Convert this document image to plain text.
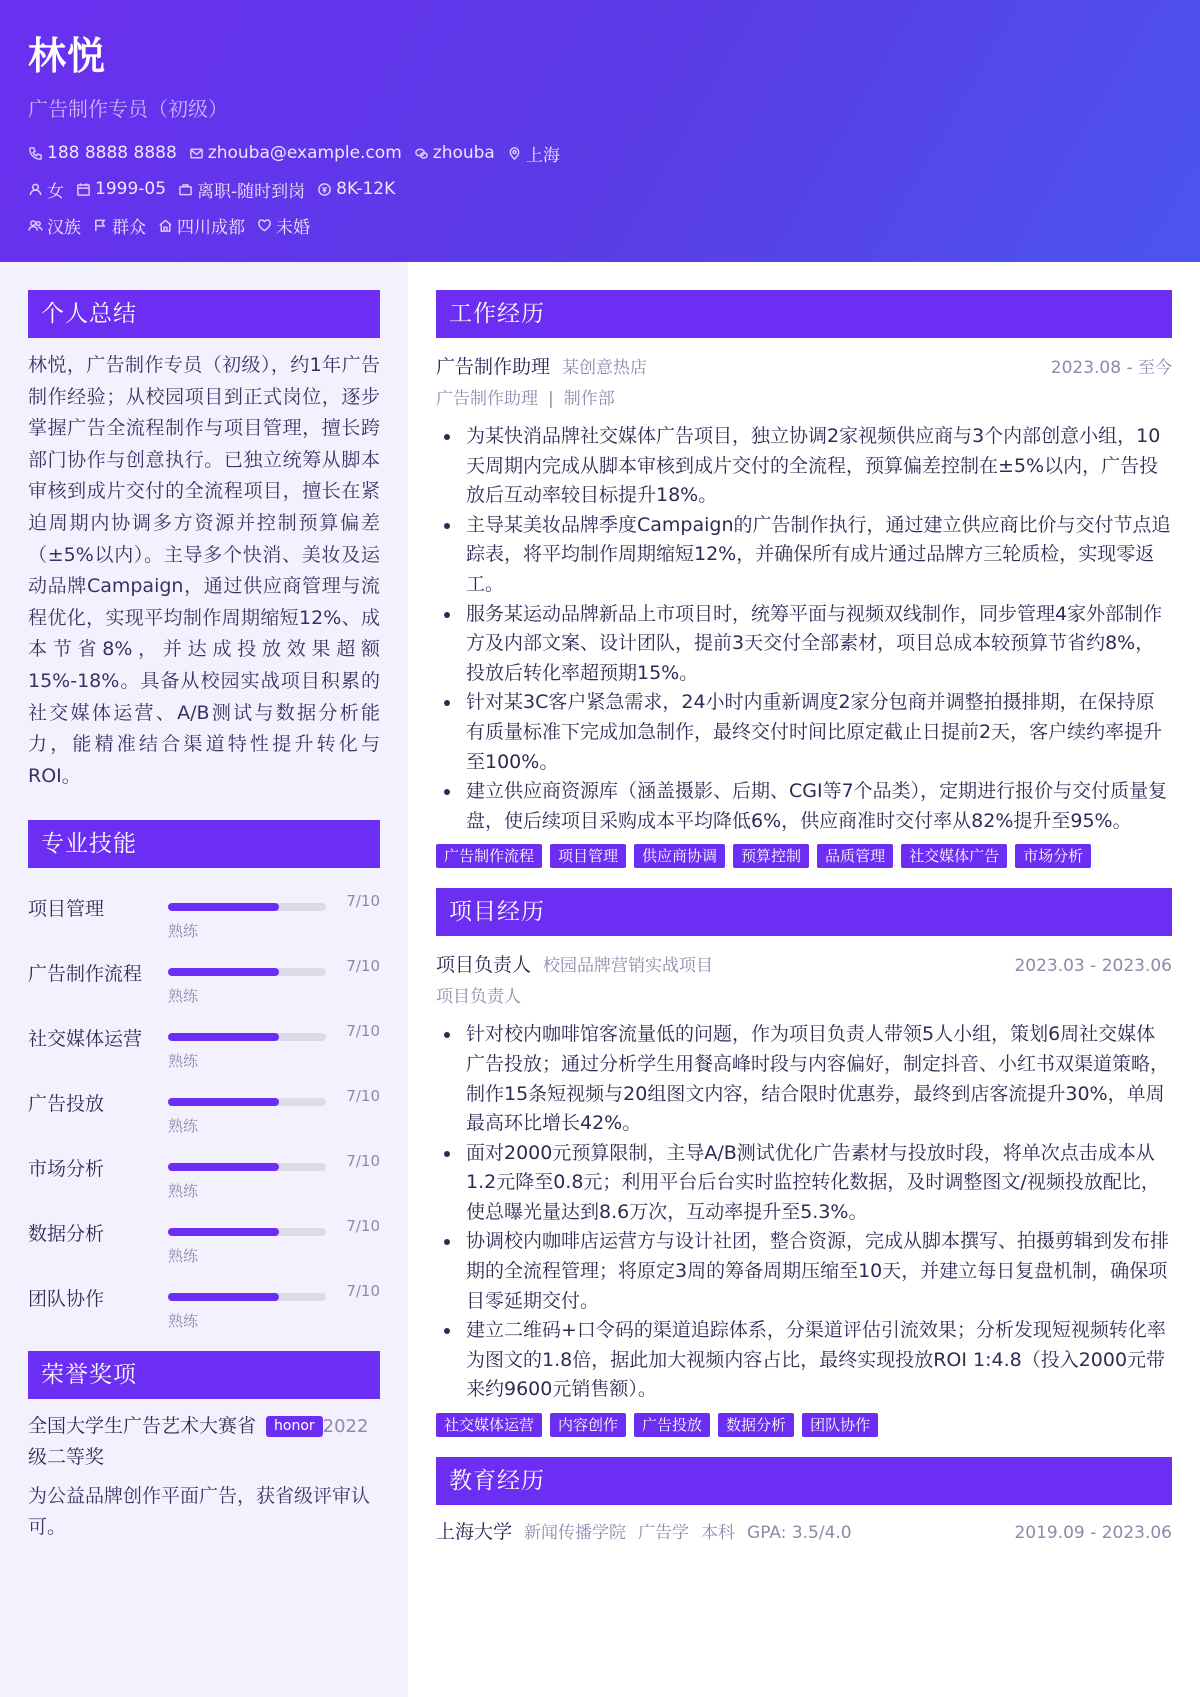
林悦
广告制作专员（初级）
188 8888 8888 zhouba@example.com zhouba 上海
女 1999-05 离职-随时到岗 8K-12K
汉族 群众 四川成都 未婚
个人总结
林悦，广告制作专员（初级），约1年广告制作经验；从校园项目到正式岗位，逐步掌握广告全流程制作与项目管理，擅长跨部门协作与创意执行。已独立统筹从脚本审核到成片交付的全流程项目，擅长在紧迫周期内协调多方资源并控制预算偏差（±5%以内）。主导多个快消、美妆及运动品牌Campaign，通过供应商管理与流程优化，实现平均制作周期缩短12%、成本节省8%，并达成投放效果超额15%-18%。具备从校园实战项目积累的社交媒体运营、A/B测试与数据分析能力，能精准结合渠道特性提升转化与ROI。
专业技能
项目管理	7/10
熟练
广告制作流程	7/10
熟练
社交媒体运营	7/10
熟练
广告投放	7/10
熟练
市场分析	7/10
熟练
数据分析	7/10
熟练
团队协作	7/10
熟练
荣誉奖项
全国大学生广告艺术大赛省 honor 2022
级二等奖
为公益品牌创作平面广告，获省级评审认可。
工作经历
广告制作助理 某创意热店	2023.08 - 至今
广告制作助理 | 制作部
为某快消品牌社交媒体广告项目，独立协调2家视频供应商与3个内部创意小组，10天周期内完成从脚本审核到成片交付的全流程，预算偏差控制在±5%以内，广告投放后互动率较目标提升18%。
主导某美妆品牌季度Campaign的广告制作执行，通过建立供应商比价与交付节点追踪表，将平均制作周期缩短12%，并确保所有成片通过品牌方三轮质检，实现零返工。
服务某运动品牌新品上市项目时，统筹平面与视频双线制作，同步管理4家外部制作方及内部文案、设计团队，提前3天交付全部素材，项目总成本较预算节省约8%，投放后转化率超预期15%。
针对某3C客户紧急需求，24小时内重新调度2家分包商并调整拍摄排期，在保持原有质量标准下完成加急制作，最终交付时间比原定截止日提前2天，客户续约率提升至100%。
建立供应商资源库（涵盖摄影、后期、CGI等7个品类），定期进行报价与交付质量复盘，使后续项目采购成本平均降低6%，供应商准时交付率从82%提升至95%。
广告制作流程	项目管理	供应商协调	预算控制	品质管理	社交媒体广告	市场分析
项目经历
项目负责人 校园品牌营销实战项目	2023.03 - 2023.06
项目负责人
针对校内咖啡馆客流量低的问题，作为项目负责人带领5人小组，策划6周社交媒体广告投放；通过分析学生用餐高峰时段与内容偏好，制定抖音、小红书双渠道策略，制作15条短视频与20组图文内容，结合限时优惠券，最终到店客流提升30%，单周最高环比增长42%。
面对2000元预算限制，主导A/B测试优化广告素材与投放时段，将单次点击成本从1.2元降至0.8元；利用平台后台实时监控转化数据，及时调整图文/视频投放配比，使总曝光量达到8.6万次，互动率提升至5.3%。
协调校内咖啡店运营方与设计社团，整合资源，完成从脚本撰写、拍摄剪辑到发布排期的全流程管理；将原定3周的筹备周期压缩至10天，并建立每日复盘机制，确保项目零延期交付。
建立二维码+口令码的渠道追踪体系，分渠道评估引流效果；分析发现短视频转化率为图文的1.8倍，据此加大视频内容占比，最终实现投放ROI 1:4.8（投入2000元带来约9600元销售额）。
社交媒体运营	内容创作	广告投放	数据分析	团队协作
教育经历
上海大学 新闻传播学院 广告学 本科 GPA: 3.5/4.0	2019.09 - 2023.06
